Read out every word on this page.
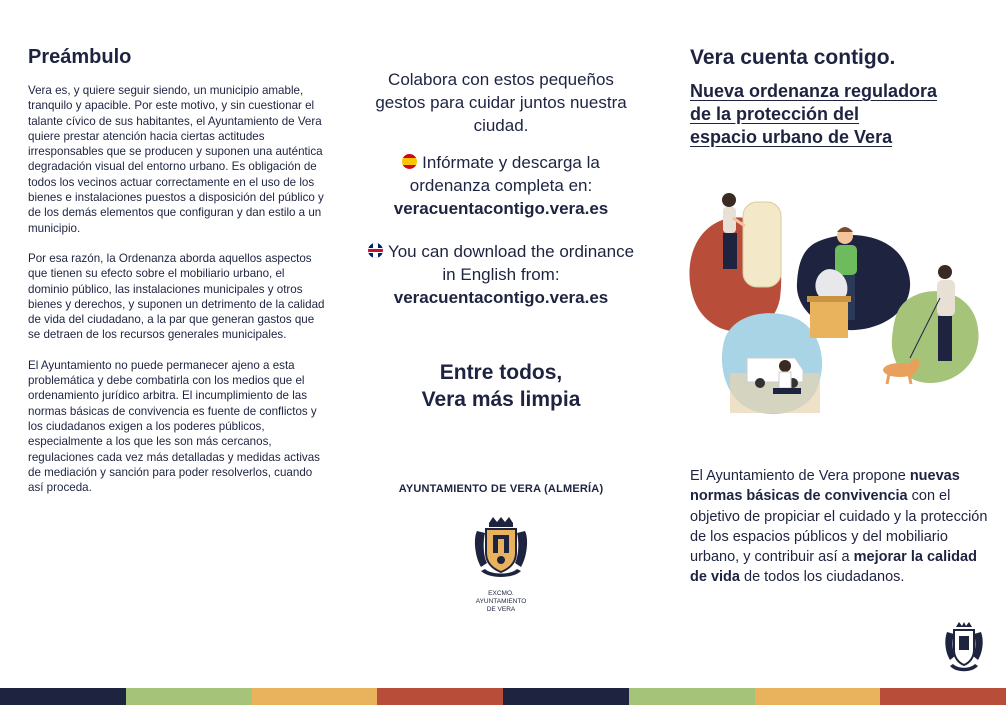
Preámbulo

Vera es, y quiere seguir siendo, un municipio amable, tranquilo y apacible. Por este motivo, y sin cuestionar el talante cívico de sus habitantes, el Ayuntamiento de Vera quiere prestar atención hacia ciertas actitudes irresponsables que se producen y suponen una auténtica degradación visual del entorno urbano. Es obligación de todos los vecinos actuar correctamente en el uso de los bienes e instalaciones puestos a disposición del público y de los demás elementos que configuran y dan estilo a un municipio.

Por esa razón, la Ordenanza aborda aquellos aspectos que tienen su efecto sobre el mobiliario urbano, el dominio público, las instalaciones municipales y otros bienes y derechos, y suponen un detrimento de la calidad de vida del ciudadano, a la par que generan gastos que se detraen de los recursos generales municipales.

El Ayuntamiento no puede permanecer ajeno a esta problemática y debe combatirla con los medios que el ordenamiento jurídico arbitra. El incumplimiento de las normas básicas de convivencia es fuente de conflictos y los ciudadanos exigen a los poderes públicos, especialmente a los que les son más cercanos, regulaciones cada vez más detalladas y medidas activas de mediación y sanción para poder resolverlos, cuando así proceda.

Colabora con estos pequeños gestos para cuidar juntos nuestra ciudad.
Infórmate y descarga la ordenanza completa en:
veracuentacontigo.vera.es
You can download the ordinance in English from:
veracuentacontigo.vera.es
Entre todos,
Vera más limpia
AYUNTAMIENTO DE VERA (ALMERÍA)
EXCMO. AYUNTAMIENTO
DE VERA
Vera cuenta contigo.
Nueva ordenanza reguladora
de la protección del
espacio urbano de Vera
El Ayuntamiento de Vera propone nuevas normas básicas de convivencia con el objetivo de propiciar el cuidado y la protección de los espacios públicos y del mobiliario urbano, y contribuir así a mejorar la calidad de vida de todos los ciudadanos.
